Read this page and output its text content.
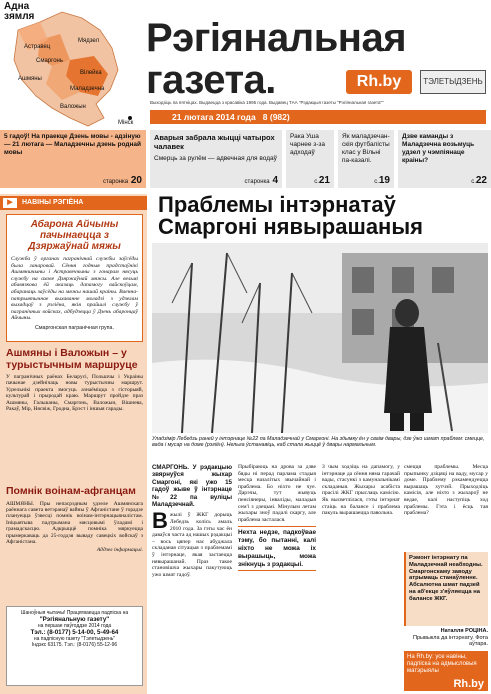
Адна
зямля
Астравец
Смаргонь
Мядзел
Ашмяны
Вілейка
Маладзечна
Валожын
Мінск
Рэгіянальная
газета.	Rh.by	ТЭЛЕТЫДЗЕНЬ
Выходзіць па пятніцах. Выдаецца з красавіка 1995 года. Выдавец ТАА "Рэдакцыя газеты "Рэгіянальная газета""
21 лютага 2014 года 8 (982)
5 гадоў! На праекце Дзень мовы - адзіную — 21 лютага — Маладзечны дзень роднай мовы
старонка 20
Аварыя забрала жыцці чатырох чалавек
Смерць за рулём — адвечная для водаў
старонка 4
Рака Уша чарнее з-за адходаў
с.21
Як маладзечан-скія футбалісты клас у Вільні па-казалі.
с.19
Дзве каманды з Маладзечна возьмуць удзел у чэмпіянаце краіны?
с.22
НАВІНЫ РЭГІЁНА
▶
Абарона Айчыны пачынаецца з Дзяржаўнай мяжы
Служба ў органах пагранічнай службы заўсёды была ганаровай. Сёння годныя прадстаўнікі Ашмяншчыны і Астравеччыны з гонарам нясуць службу на ахове Дзяржаўнай мяжы. Але вельмі абавязкова ёй аказаць дапамогу вайскоўцам, абаранаць заўсёды на мяжы нашай краіны. Ваенна-патрыятычнае выхаванне моладзі з удзелам выхадцаў з рэгіёна, якія прайшлі службу ў пагранічных войсках, адбудзецца ў Дзень абаронцаў Айчыны.
Смаргонская пагранічная група.
Ашмяны і Валожын – у турыстычным маршруце
У пагранічных раёнах Беларусі, Польшчы і Украіны пачынае дзейнічаць новы турыстычны маршрут. Удзельнікі праекта змогуць азнаёміцца з гісторыяй, культурай і прыродай краю. Маршрут пройдзе праз Ашмяны, Гальшаны, Смаргонь, Валожын, Вішнева, Ракаў, Мір, Нясвіж, Гродна, Брэст і іншыя гарады.
Помнік воінам-афганцам
АШМЯНЫ. Пры непасрэдным удзеле Ашмянскага раённага савета ветэранаў вайны ў Афганістане ў горадзе плануецца ўзвесці помнік воінам-інтэрнацыяналістам. Ініцыятыва падтрымана мясцовымі ўладамі і грамадскасцю. Адкрыццё помніка мяркуецца прымеркаваць да 25-годдзя вываду савецкіх войскаў з Афганістана.
Аддзел інфармацыі.

Шаноўныя чытачы! Працягваецца падпіска на

"Рэгіянальную газету"

на першае паўгоддзе 2014 года

Тэл.: (8-0177) 5-14-00, 5-49-64

на падпісную газету "Тэлетыдзень"

Індэкс 63175. Тэл.: (8-0176) 55-12-96

Праблемы інтэрнатаў
Смаргоні нявырашаныя
Уладзімір Лебедзь раней у інтэрнаце №22 па Маладзечнай у Смаргоні. На здымку ён у сваім двары, дзе ўжо шмат праблем: смецце, вада і мусар на доме (рэгіён). Нельга ўстанавіць, каб стала жыццё ў двары нармальным.
СМАРГОНЬ. У рэдакцыю звярнуўся жыхар Смаргоні, які ужо 15 гадоў жыве ў інтэрнаце №22 па вуліцы Маладзечнай.
В жылі ў ЖКГ дорыць Лебедзь колісь амаль 2010 года. За гэты час ён даваўся часта ад нашых рэдакцыі – вось цяпер нас абуджала складаная сітуацыя з праблемамі ў інтэрнаце, якая застаецца нявырашанай. Праз такое становішча жыхары пакутуюць ужо шмат гадоў.
Прыбіраюць на дрова за дзве бяды ні перад парлама стадыя месца назалітых звычайнай і праблема. Бо ніхто не чуе. Дарэчы, тут жывуць пенсіянеры, інваліды, маладыя сем'і з дзецьмі. Мінулым летам жыхары зноў падалі скаргу, але праблема засталася.
Нехта недзе, падкоўвае тэму, бо пытанні, калі ніхто не можа іх вырашыць, можа знікнуць з рэдакцыі.
З чым ходзіць на дапамогу, у інтэрнаце да сёння няма гарачай вады, стасункі з камунальнікамі складаныя. Жыхары асабіста прасілі ЖКГ прыслаць камісію. Як высветлілася, гэты інтэрнат стаіць на балансе і праблема пакуль вырашаецца павольна.
смецця праблемы. Месца прыпынку дзіцяці на ваду, мусар у доме. Праблему рэкамендуецца вырашаць хутчэй. Прыходзіць камісія, але ніхто з жыхароў не ведае, калі наступіць ход праблемы. Гэта і ёсць тая праблема?
Рэмонт інтэрнату па Маладзечнай неабходны. Смаргонскаму заводу атрымаць станаўленне. Абсалютна шмат падзей на аб'екце з'яўляецца на балансе ЖКГ.
Наталля РОЦІНА.
Прывыкла да інтэрнату. Фота аўтара.
На Rh.by: усе навіны, падпіска на адмысловыя матэрыялы
Rh.by
